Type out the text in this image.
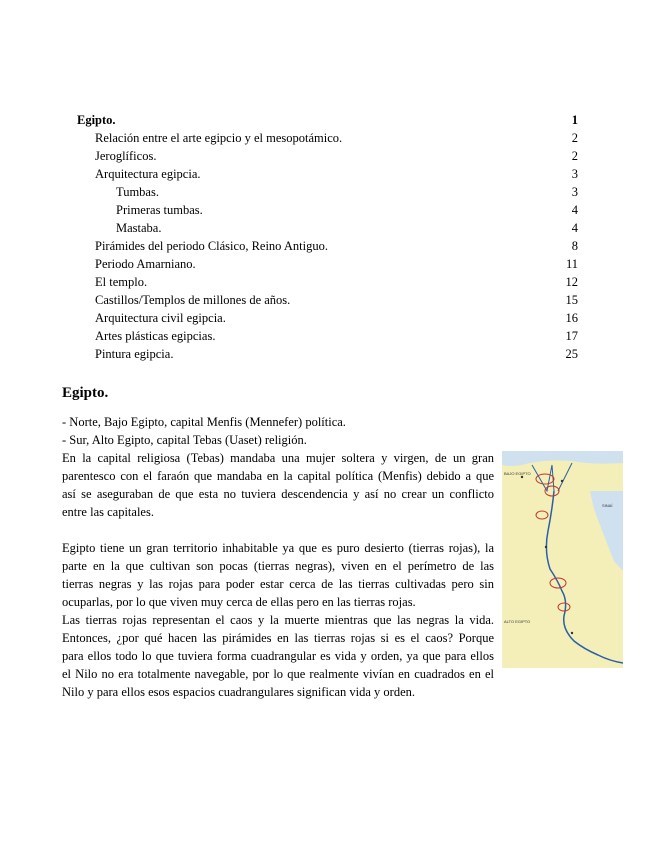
Egipto.	1
Relación entre el arte egipcio y el mesopotámico.	2
Jeroglíficos.	2
Arquitectura egipcia.	3
Tumbas.	3
Primeras tumbas.	4
Mastaba.	4
Pirámides del periodo Clásico, Reino Antiguo.	8
Periodo Amarniano.	11
El templo.	12
Castillos/Templos de millones de años.	15
Arquitectura civil egipcia.	16
Artes plásticas egipcias.	17
Pintura egipcia.	25
Egipto.
- Norte, Bajo Egipto, capital Menfis (Mennefer) política.
- Sur, Alto Egipto, capital Tebas (Uaset) religión.
En la capital religiosa (Tebas) mandaba una mujer soltera y virgen, de un gran
parentesco con el faraón que mandaba en la capital política (Menfis) debido a que
así se aseguraban de que esta no tuviera descendencia y así no crear un conflicto
entre las capitales.
Egipto tiene un gran territorio inhabitable ya que es puro desierto (tierras rojas), la
parte en la que cultivan son pocas (tierras negras), viven en el perímetro de las
tierras negras y las rojas para poder estar cerca de las tierras cultivadas pero sin
ocuparlas, por lo que viven muy cerca de ellas pero en las tierras rojas.
Las tierras rojas representan el caos y la muerte mientras que las negras la vida.
Entonces, ¿por qué hacen las pirámides en las tierras rojas si es el caos? Porque
para ellos todo lo que tuviera forma cuadrangular es vida y orden, ya que para ellos
el Nilo no era totalmente navegable, por lo que realmente vivían en cuadrados en el
Nilo y para ellos esos espacios cuadrangulares significan vida y orden.
BAJO EGIPTO
SINAÍ
ALTO EGIPTO
